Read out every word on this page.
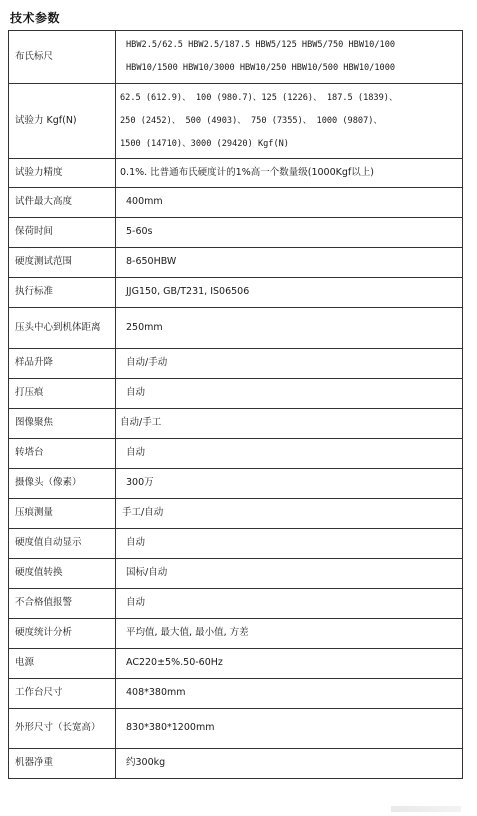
技术参数
布氏标尺	HBW2.5/62.5 HBW2.5/187.5 HBW5/125 HBW5/750 HBW10/100
HBW10/1500 HBW10/3000 HBW10/250 HBW10/500 HBW10/1000

试验力 Kgf(N)	62.5 (612.9)、 100 (980.7)、125 (1226)、 187.5 (1839)、
250 (2452)、 500 (4903)、 750 (7355)、 1000 (9807)、
1500 (14710)、3000 (29420) Kgf(N)

试验力精度	0.1%. 比普通布氏硬度计的1%高一个数量级(1000Kgf以上)

试件最大高度	400mm

保荷时间	5-60s

硬度测试范围	8-650HBW

执行标准	JJG150, GB/T231, IS06506

压头中心到机体距离	250mm

样品升降	自动/手动

打压痕	自动

图像聚焦	自动/手工

转塔台	自动

摄像头（像素）	300万

压痕测量	手工/自动

硬度值自动显示	自动

硬度值转换	国标/自动

不合格值报警	自动

硬度统计分析	平均值, 最大值, 最小值, 方差

电源	AC220±5%.50-60Hz

工作台尺寸	408*380mm

外形尺寸（长宽高）	830*380*1200mm

机器净重	约300kg
